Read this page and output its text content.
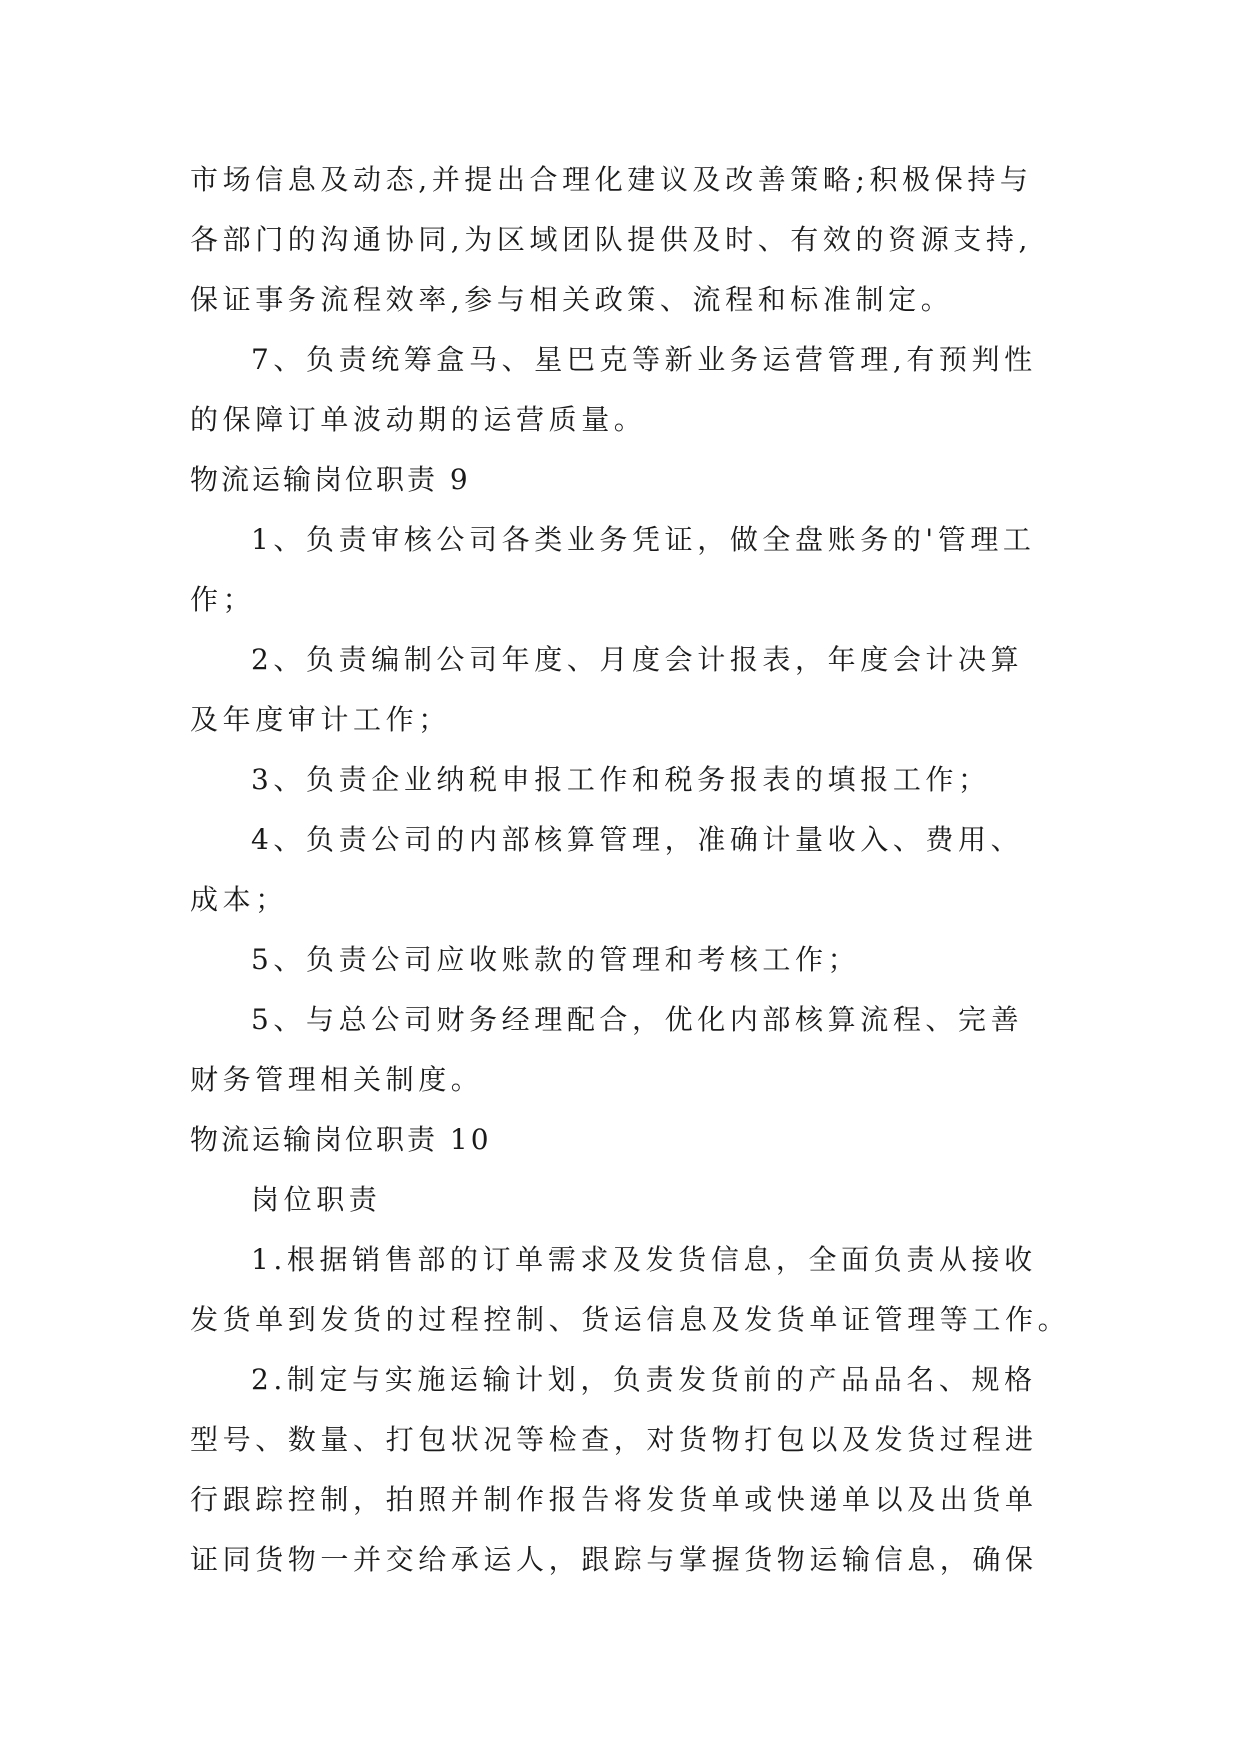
市场信息及动态,并提出合理化建议及改善策略;积极保持与
各部门的沟通协同,为区域团队提供及时、有效的资源支持,
保证事务流程效率,参与相关政策、流程和标准制定。
7、负责统筹盒马、星巴克等新业务运营管理,有预判性
的保障订单波动期的运营质量。
物流运输岗位职责 9
1、负责审核公司各类业务凭证，做全盘账务的'管理工
作；
2、负责编制公司年度、月度会计报表，年度会计决算
及年度审计工作；
3、负责企业纳税申报工作和税务报表的填报工作；
4、负责公司的内部核算管理，准确计量收入、费用、
成本；
5、负责公司应收账款的管理和考核工作；
5、与总公司财务经理配合，优化内部核算流程、完善
财务管理相关制度。
物流运输岗位职责 10
岗位职责
1.根据销售部的订单需求及发货信息，全面负责从接收
发货单到发货的过程控制、货运信息及发货单证管理等工作。
2.制定与实施运输计划，负责发货前的产品品名、规格
型号、数量、打包状况等检查，对货物打包以及发货过程进
行跟踪控制，拍照并制作报告将发货单或快递单以及出货单
证同货物一并交给承运人，跟踪与掌握货物运输信息，确保
